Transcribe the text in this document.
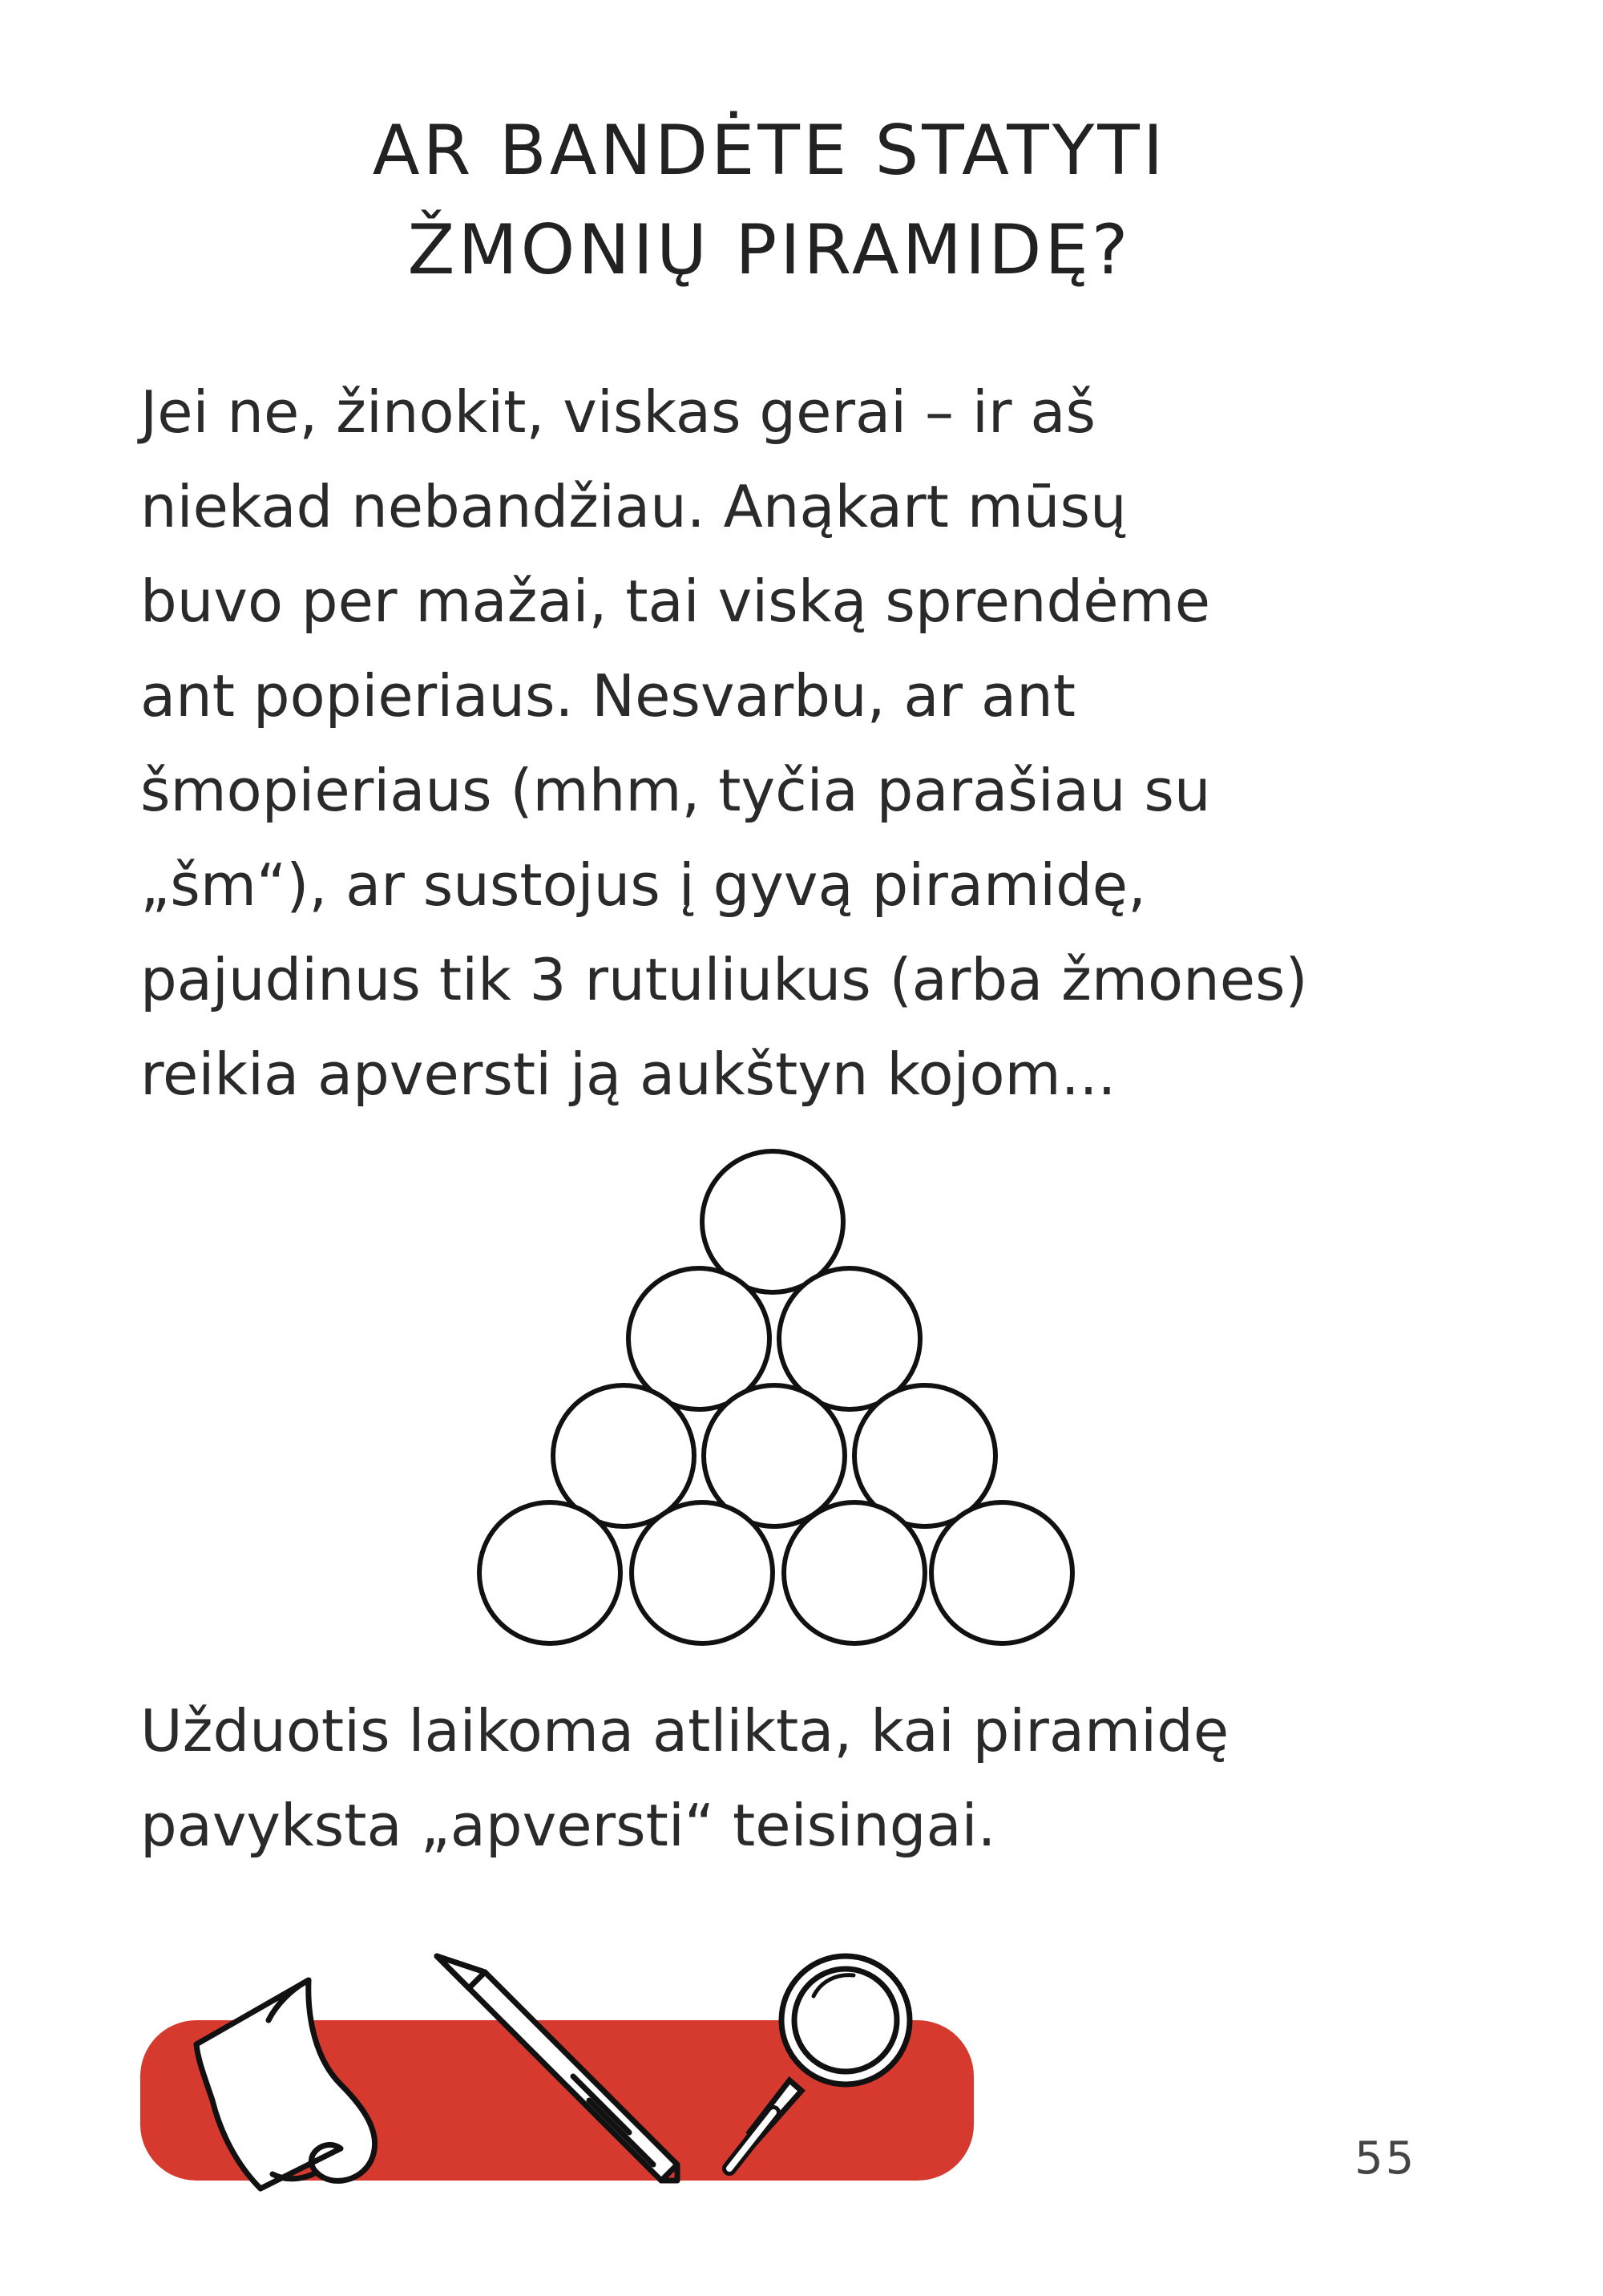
AR BANDĖTE STATYTI
ŽMONIŲ PIRAMIDĘ?

Jei ne, žinokit, viskas gerai – ir aš
niekad nebandžiau. Anąkart mūsų
buvo per mažai, tai viską sprendėme
ant popieriaus. Nesvarbu, ar ant
šmopieriaus (mhm, tyčia parašiau su
„šm“), ar sustojus į gyvą piramidę,
pajudinus tik 3 rutuliukus (arba žmones)
reikia apversti ją aukštyn kojom...

Užduotis laikoma atlikta, kai piramidę
pavyksta „apversti“ teisingai.

55
